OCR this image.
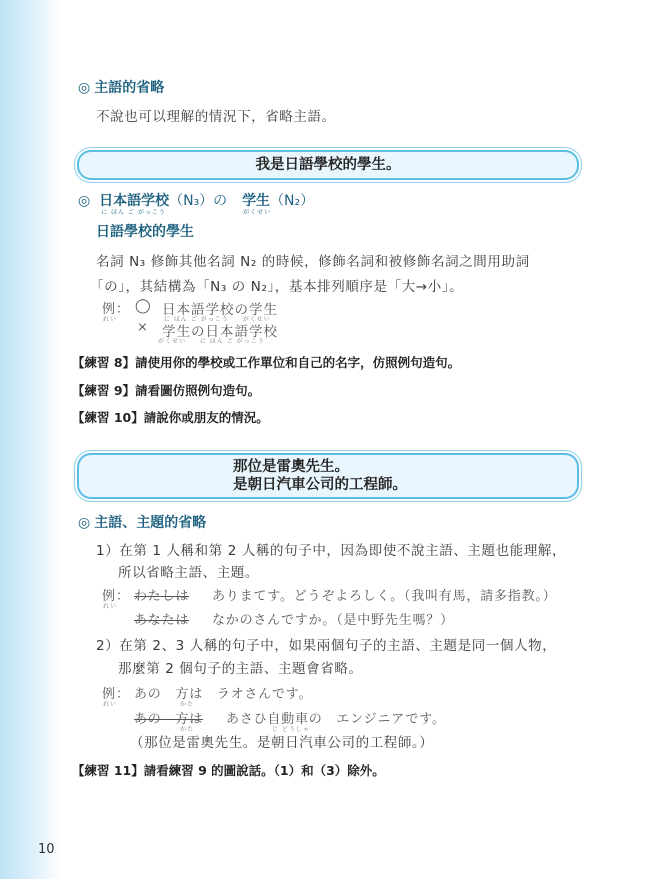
◎ 主語的省略
不說也可以理解的情況下，省略主語。
我是日語學校的學生。
◎ 日本語学校
に ほん ご がっこう
（N₃）の 学生
がくせい
（N₂）
日語學校的學生
名詞 N₃ 修飾其他名詞 N₂ 的時候，修飾名詞和被修飾名詞之間用助詞
「の」，其結構為「N₃ の N₂」，基本排列順序是「大→小」。
例：
れい
◯ 日本語学校の学生
に ほん ご がっこう　　がくせい
× 学生の日本語学校
がくせい　　に ほん ご がっこう
【練習 8】請使用你的學校或工作單位和自己的名字，仿照例句造句。
【練習 9】請看圖仿照例句造句。
【練習 10】請說你或朋友的情況。
那位是雷奧先生。
是朝日汽車公司的工程師。
◎ 主語、主題的省略
1）在第 1 人稱和第 2 人稱的句子中，因為即使不說主語、主題也能理解，
所以省略主語、主題。
例：
れい
わたしは ありまてす。どうぞよろしく。（我叫有馬，請多指教。）
あなたは なかのさんですか。（是中野先生嗎？）
2）在第 2、3 人稱的句子中，如果兩個句子的主語、主題是同一個人物，
那麼第 2 個句子的主語、主題會省略。
例：
れい
あの　方は　ラオさんです。
かた
あの　方は
かた
あさひ自動車の　エンジニアです。
じ どうしゃ
（那位是雷奧先生。是朝日汽車公司的工程師。）
【練習 11】請看練習 9 的圖說話。（1）和（3）除外。
10
